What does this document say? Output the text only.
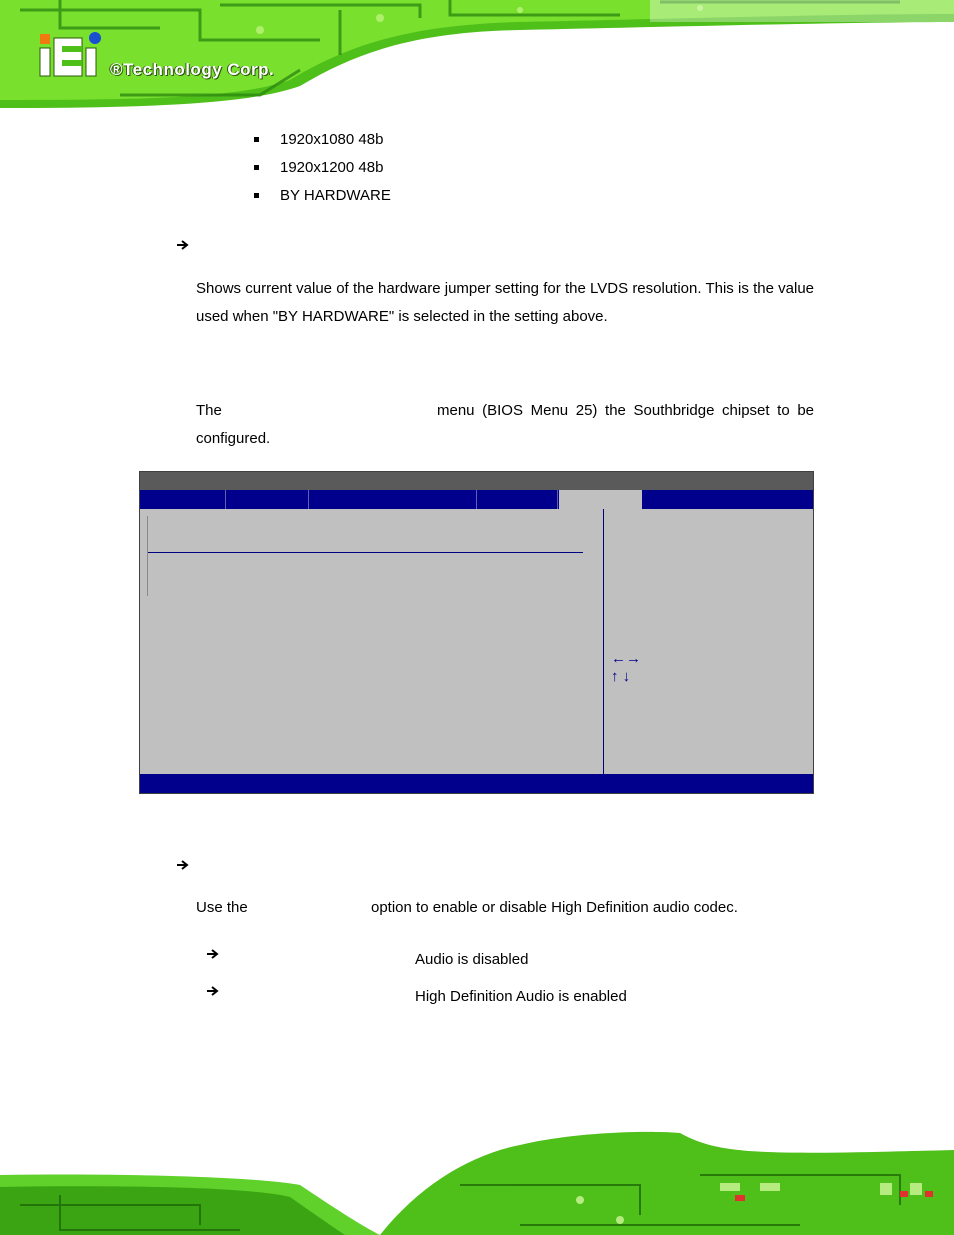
®Technology Corp.
1920x1080 48b
1920x1200 48b
BY HARDWARE
Shows current value of the hardware jumper setting for the LVDS resolution. This is the value used when "BY HARDWARE" is selected in the setting above.
The	menu (BIOS Menu 25) the Southbridge chipset to be
configured.
←→
↑ ↓
Use the	option to enable or disable High Definition audio codec.
Audio is disabled
High Definition Audio is enabled
